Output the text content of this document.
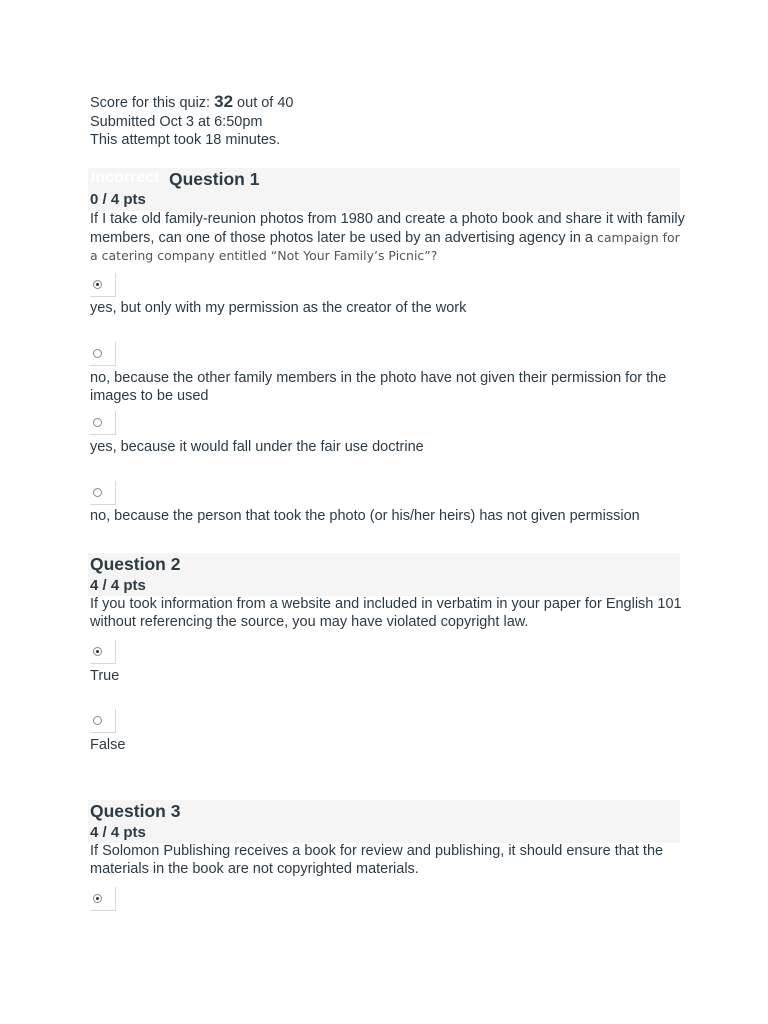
Score for this quiz: 32 out of 40
Submitted Oct 3 at 6:50pm
This attempt took 18 minutes.
Incorrect Question 1
0 / 4 pts
If I take old family-reunion photos from 1980 and create a photo book and share it with family members, can one of those photos later be used by an advertising agency in a campaign for a catering company entitled “Not Your Family’s Picnic”?
yes, but only with my permission as the creator of the work
no, because the other family members in the photo have not given their permission for the images to be used
yes, because it would fall under the fair use doctrine
no, because the person that took the photo (or his/her heirs) has not given permission
Question 2
4 / 4 pts
If you took information from a website and included in verbatim in your paper for English 101 without referencing the source, you may have violated copyright law.
True
False
Question 3
4 / 4 pts
If Solomon Publishing receives a book for review and publishing, it should ensure that the materials in the book are not copyrighted materials.
